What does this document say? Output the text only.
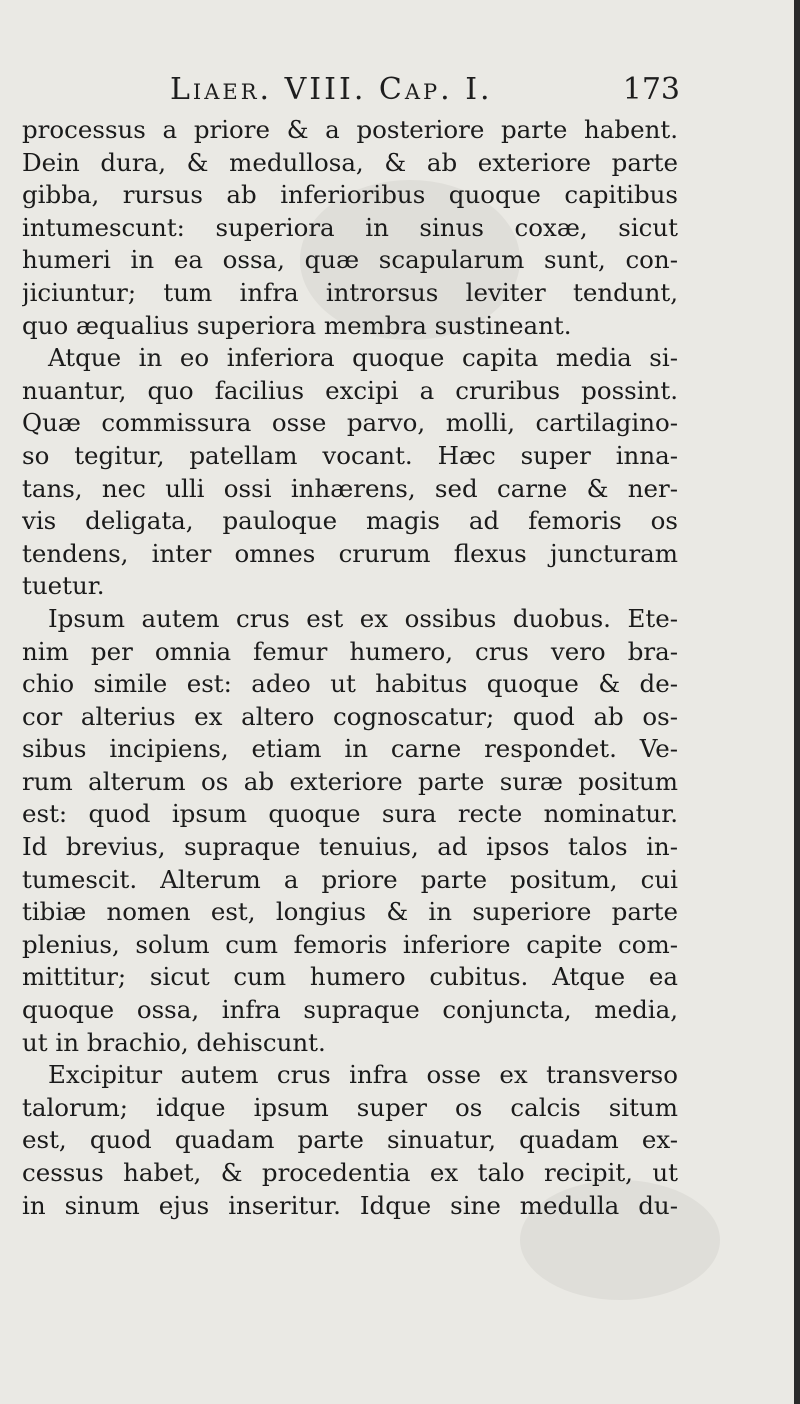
Liaer. VIII. Cap. I.	173
processus a priore & a posteriore parte habent.
Dein dura, & medullosa, & ab exteriore parte
gibba, rursus ab inferioribus quoque capitibus
intumescunt: superiora in sinus coxæ, sicut
humeri in ea ossa, quæ scapularum sunt, con-
jiciuntur; tum infra introrsus leviter tendunt,
quo æqualius superiora membra sustineant.
Atque in eo inferiora quoque capita media si-
nuantur, quo facilius excipi a cruribus possint.
Quæ commissura osse parvo, molli, cartilagino-
so tegitur, patellam vocant. Hæc super inna-
tans, nec ulli ossi inhærens, sed carne & ner-
vis deligata, pauloque magis ad femoris os
tendens, inter omnes crurum flexus juncturam
tuetur.
Ipsum autem crus est ex ossibus duobus. Ete-
nim per omnia femur humero, crus vero bra-
chio simile est: adeo ut habitus quoque & de-
cor alterius ex altero cognoscatur; quod ab os-
sibus incipiens, etiam in carne respondet. Ve-
rum alterum os ab exteriore parte suræ positum
est: quod ipsum quoque sura recte nominatur.
Id brevius, supraque tenuius, ad ipsos talos in-
tumescit. Alterum a priore parte positum, cui
tibiæ nomen est, longius & in superiore parte
plenius, solum cum femoris inferiore capite com-
mittitur; sicut cum humero cubitus. Atque ea
quoque ossa, infra supraque conjuncta, media,
ut in brachio, dehiscunt.
Excipitur autem crus infra osse ex transverso
talorum; idque ipsum super os calcis situm
est, quod quadam parte sinuatur, quadam ex-
cessus habet, & procedentia ex talo recipit, ut
in sinum ejus inseritur. Idque sine medulla du-
